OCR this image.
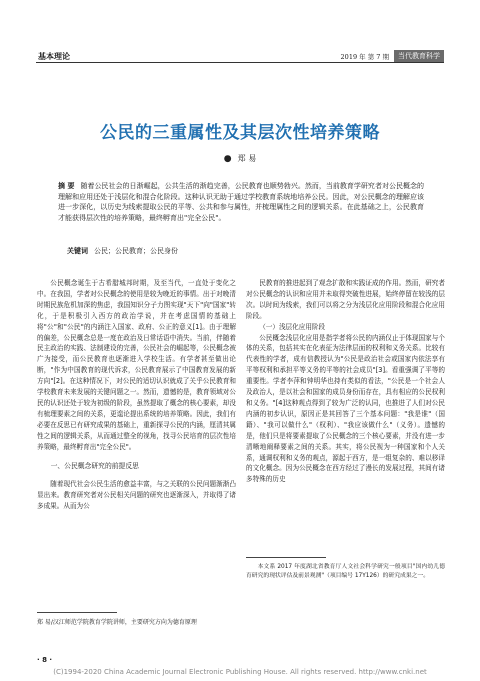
基本理论	2019 年 第 7 期	当代教育科学
公民的三重属性及其层次性培养策略
● 郑 易
摘 要 随着公民社会的日渐崛起，公共生活的渐趋完善，公民教育也顺势勃兴。然而，当前教育学研究者对公民概念的理解和应用还处于浅层化和混合化阶段。这种认识无助于通过学校教育系统地培养公民。因此，对公民概念的理解应该进一步深化，以历史为线索提取公民的平等、公共和参与属性，并梳理属性之间的逻辑关系。在此基础之上，公民教育才能获得层次性的培养策略，最终孵育出"完全公民"。
关键词 公民；公民教育；公民身份

公民概念诞生于古希腊城邦时期，及至当代，一直处于变化之中。在我国，学者对公民概念的使用是较为晚近的事情。出于对晚清时期民族危机加深的焦虑，我国知识分子力图实现"天下"向"国家"转化，于是积极引入西方的政治学说，并在考虑国情的基础上将"公"和"公民"的内涵注入国家、政府、公正的意义[1]。由于理解的偏差，公民概念总是一度在政治及日常话语中消失。当前，伴随着民主政治的实践、法制建设的完善，公民社会的崛起等，公民概念被广为接受，而公民教育也逐渐进入学校生活。有学者甚至做出论断，"作为中国教育的现代诉求，公民教育展示了中国教育发展的新方向"[2]。在这种情况下，对公民的适切认识就成了关乎公民教育和学校教育未来发展的关键问题之一。然而，遗憾的是，教育领域对公民的认识还处于较为初级的阶段，虽然提取了概念的核心要素，却没有梳理要素之间的关系，更遑论提出系统的培养策略。因此，我们有必要在反思已有研究成果的基础上，重新探寻公民的内涵，厘清其属性之间的逻辑关系，从而通过整全的视角，找寻公民培育的层次性培养策略，最终孵育出"完全公民"。

一、公民概念研究的前提反思

随着现代社会公民生活的愈益丰富，与之关联的公民问题渐渐凸显出来。教育研究者对公民相关问题的研究也逐渐深入，并取得了诸多成果。从而为公

民教育的推进起到了观念扩散和实践证成的作用。然而，研究者对公民概念的认识和应用并未取得突破性进展，始终停留在较浅的层次。以时间为线索，我们可以将之分为浅层化应用阶段和混合化应用阶段。

（一）浅层化应用阶段

公民概念浅层化应用是指学者将公民的内涵仅止于体现国家与个体的关系，包括其实在化表征为法律层面的权利和义务关系。比较有代表性的学者，成有信教授认为"公民是政治社会或国家内依法享有平等权利和承担平等义务的平等的社会成员"[3]。看重强调了平等的重要性。学者李萍和钟明华也持有类似的看法，"公民是一个社会人及政治人，是以社会和国家的成员身份而存在，具有相应的公民权利和义务。"[4]这种观点得到了较为广泛的认同，也推进了人们对公民内涵的初步认识，原因正是其回答了三个基本问题："我是谁"（国籍）、"我可以做什么"（权利）、"我应该做什么"（义务）。遗憾的是，他们只是将要素提取了公民概念的三个核心要素，并没有进一步清晰地阐释要素之间的关系。其实，将公民视为一种国家和个人关系，通调权利和义务的观点，源起于西方，是一组复杂的、难以移译的文化概念。因为公民概念在西方经过了漫长的发展过程，其间有诸多特殊的历史

本文系 2017 年度湖北省教育厅人文社会科学研究一般项目"国内幼儿德育研究的现状评估及前景观测"（项目编号 17Y126）的研究成果之一。
郑 易/汉江师范学院教育学院讲师，主要研究方向为德育原理
· 8 ·
(C)1994-2020 China Academic Journal Electronic Publishing House. All rights reserved. http://www.cnki.net
